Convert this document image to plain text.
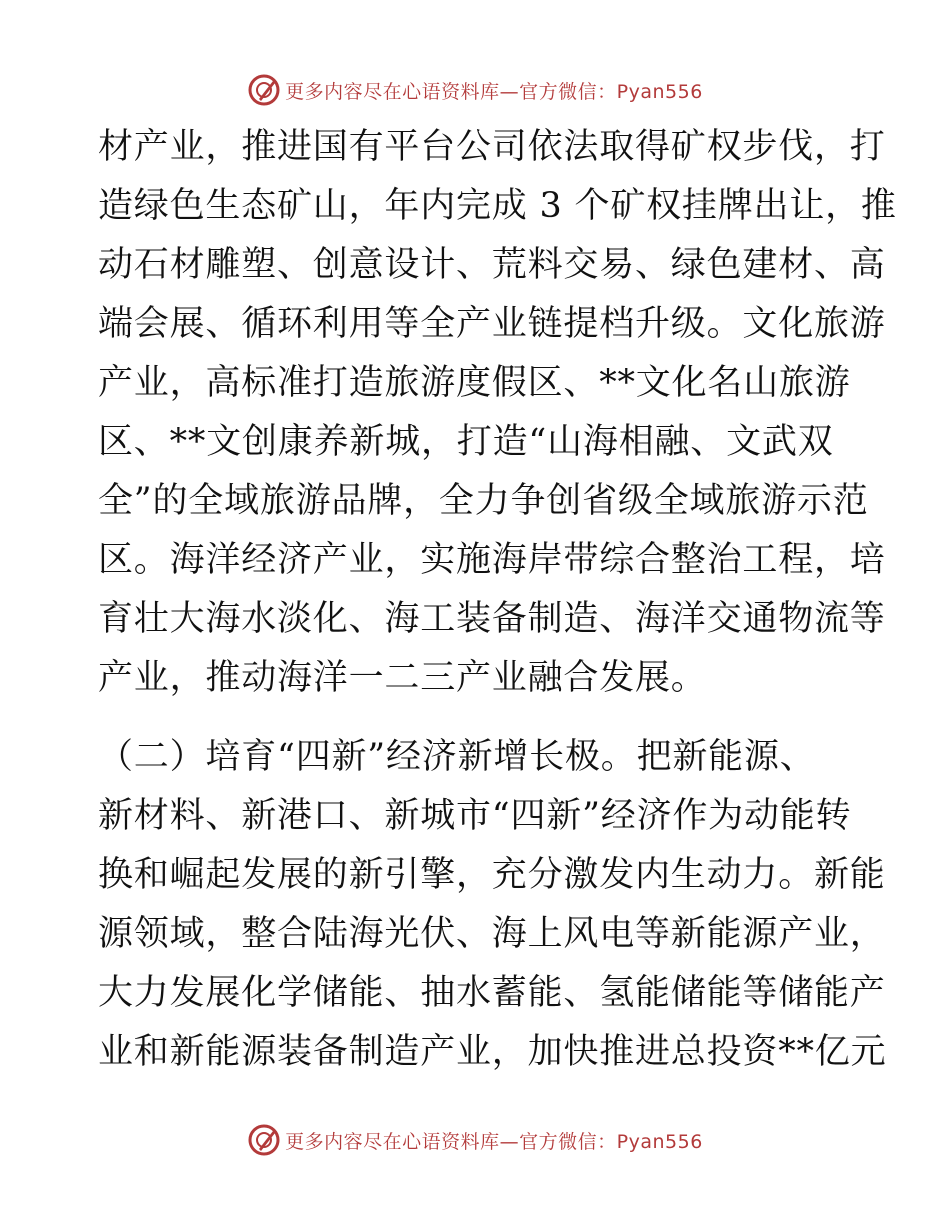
更多内容尽在心语资料库—官方微信：Pyan556
材产业，推进国有平台公司依法取得矿权步伐，打
造绿色生态矿山，年内完成 3 个矿权挂牌出让，推
动石材雕塑、创意设计、荒料交易、绿色建材、高
端会展、循环利用等全产业链提档升级。文化旅游
产业，高标准打造旅游度假区、**文化名山旅游
区、**文创康养新城，打造“山海相融、文武双
全”的全域旅游品牌，全力争创省级全域旅游示范
区。海洋经济产业，实施海岸带综合整治工程，培
育壮大海水淡化、海工装备制造、海洋交通物流等
产业，推动海洋一二三产业融合发展。
（二）培育“四新”经济新增长极。把新能源、
新材料、新港口、新城市“四新”经济作为动能转
换和崛起发展的新引擎，充分激发内生动力。新能
源领域，整合陆海光伏、海上风电等新能源产业，
大力发展化学储能、抽水蓄能、氢能储能等储能产
业和新能源装备制造产业，加快推进总投资**亿元
更多内容尽在心语资料库—官方微信：Pyan556
